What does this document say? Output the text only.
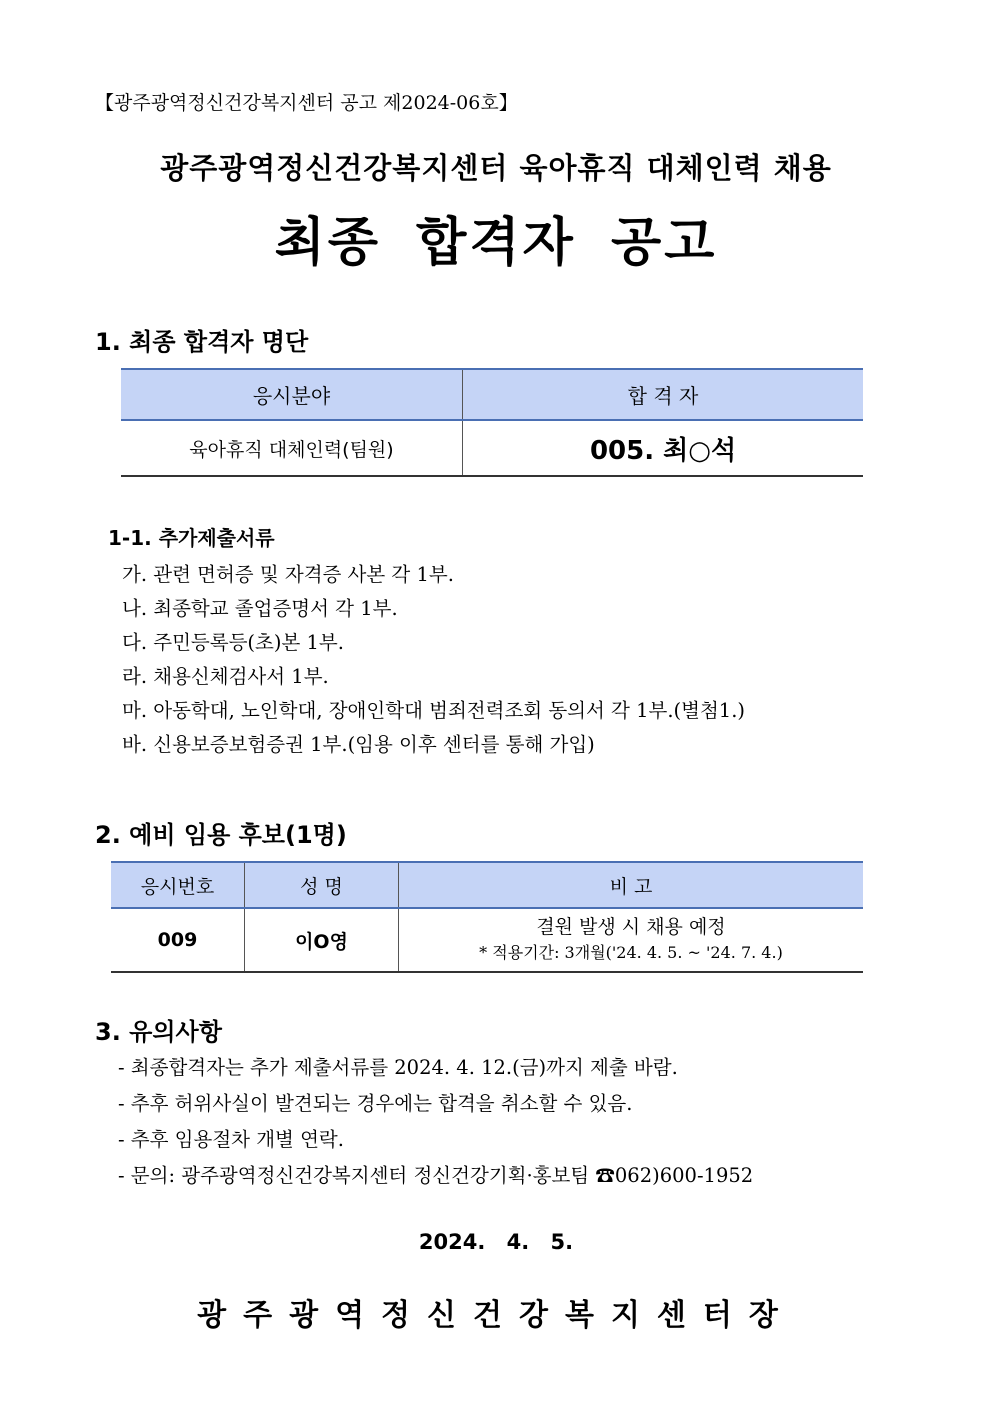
【광주광역정신건강복지센터 공고 제2024-06호】
광주광역정신건강복지센터 육아휴직 대체인력 채용
최종 합격자 공고
1. 최종 합격자 명단
응시분야	합 격 자
육아휴직 대체인력(팀원)	005. 최○석
1-1. 추가제출서류
가. 관련 면허증 및 자격증 사본 각 1부.
나. 최종학교 졸업증명서 각 1부.
다. 주민등록등(초)본 1부.
라. 채용신체검사서 1부.
마. 아동학대, 노인학대, 장애인학대 범죄전력조회 동의서 각 1부.(별첨1.)
바. 신용보증보험증권 1부.(임용 이후 센터를 통해 가입)
2. 예비 임용 후보(1명)
응시번호	성 명	비 고
009	이O영	결원 발생 시 채용 예정
* 적용기간: 3개월('24. 4. 5. ~ '24. 7. 4.)
3. 유의사항
- 최종합격자는 추가 제출서류를 2024. 4. 12.(금)까지 제출 바람.
- 추후 허위사실이 발견되는 경우에는 합격을 취소할 수 있음.
- 추후 임용절차 개별 연락.
- 문의: 광주광역정신건강복지센터 정신건강기획·홍보팀 ☎062)600-1952
2024. 4. 5.
광주광역정신건강복지센터장
